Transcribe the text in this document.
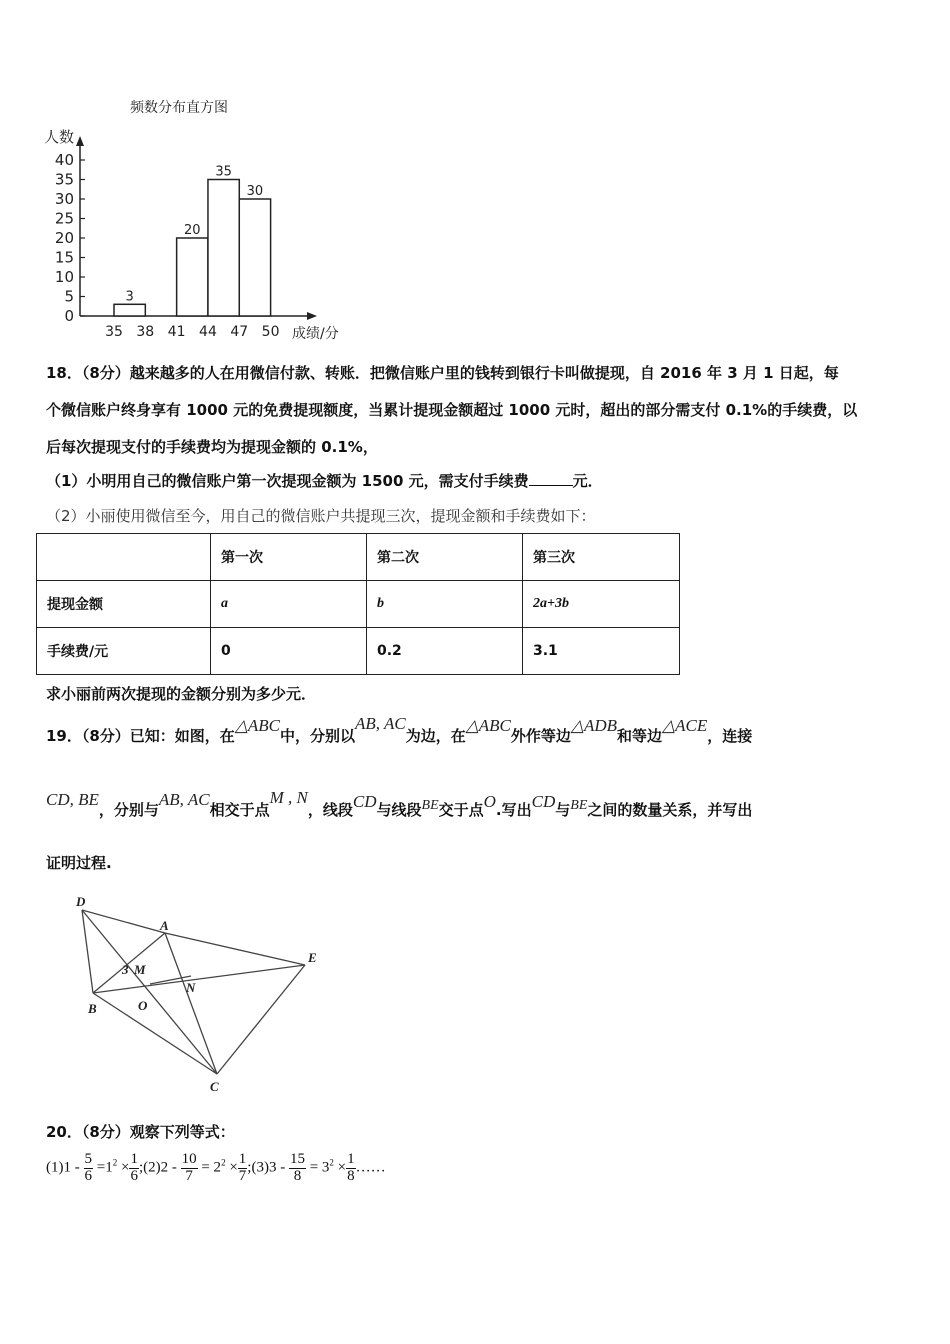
频数分布直方图
人数
成绩/分
0
5
10
15
20
25
30
35
40
35 38 41 44 47 50
3
20
35
30
18．（8分）越来越多的人在用微信付款、转账．把微信账户里的钱转到银行卡叫做提现，自 2016 年 3 月 1 日起，每
个微信账户终身享有 1000 元的免费提现额度，当累计提现金额超过 1000 元时，超出的部分需支付 0.1%的手续费，以
后每次提现支付的手续费均为提现金额的 0.1%，
（1）小明用自己的微信账户第一次提现金额为 1500 元，需支付手续费	元．
（2）小丽使用微信至今，用自己的微信账户共提现三次，提现金额和手续费如下：
	第一次	第二次	第三次
提现金额	a	b	2a+3b
手续费/元	0	0.2	3.1
求小丽前两次提现的金额分别为多少元．
19．（8分）已知：如图，在△ABC中，分别以AB, AC为边，在△ABC外作等边△ADB和等边△ACE，连接
CD, BE，分别与AB, AC相交于点M , N，线段CD与线段BE交于点O.写出CD与BE之间的数量关系，并写出
证明过程.
D
A
3 M
O
N
E
B
C
20．（8分）观察下列等式：
$(1)1 - \frac{5}{6} =1^2 \times \frac{1}{6}$ ;(2)2 - $\frac{10}{7} = 2^2 \times \frac{1}{7}$ ;(3)3 - $\frac{15}{8} = 3^2 \times \frac{1}{8}$ ……
